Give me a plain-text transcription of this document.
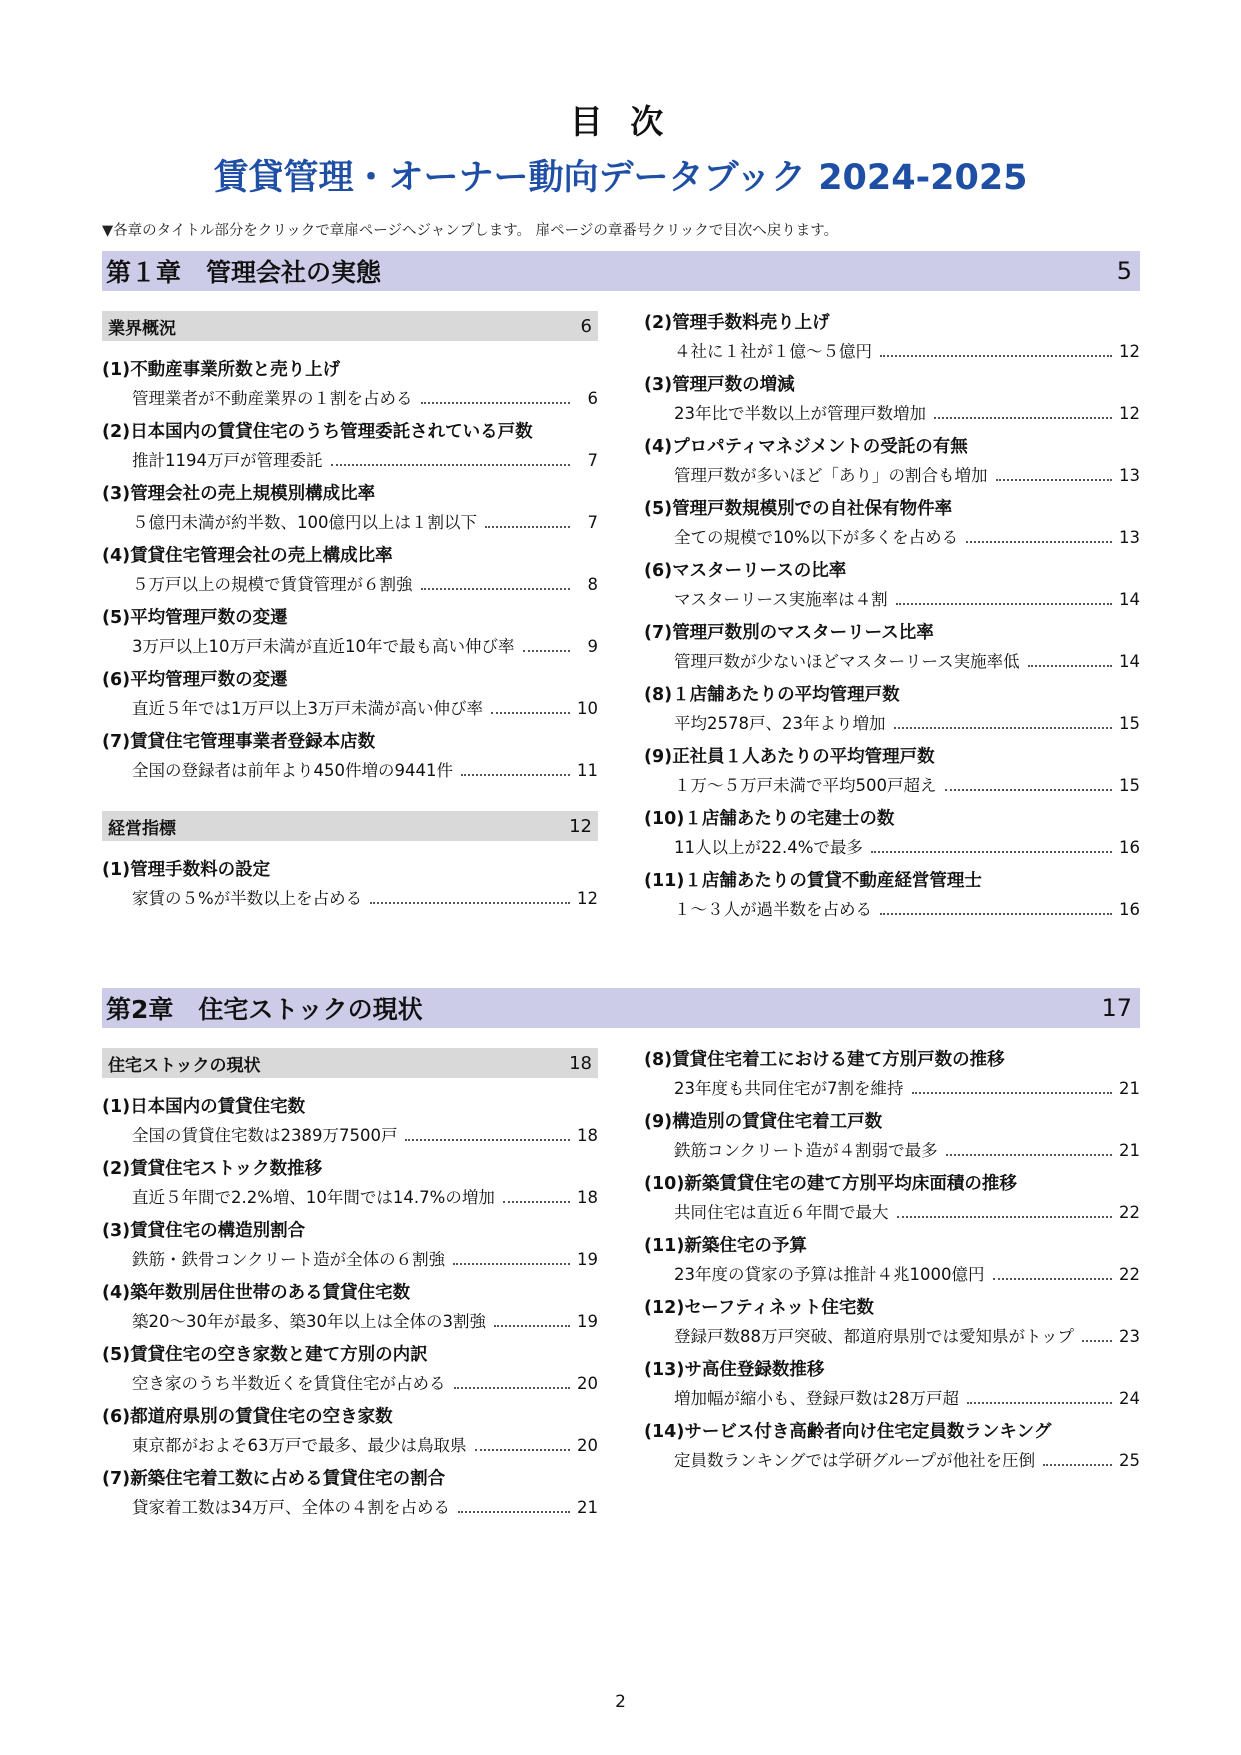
目 次
賃貸管理・オーナー動向データブック 2024-2025
▼各章のタイトル部分をクリックで章扉ページへジャンプします。 扉ページの章番号クリックで目次へ戻ります。
第１章　管理会社の実態	5
業界概況	6
(1)不動産事業所数と売り上げ
管理業者が不動産業界の１割を占める	6
(2)日本国内の賃貸住宅のうち管理委託されている戸数
推計1194万戸が管理委託	7
(3)管理会社の売上規模別構成比率
５億円未満が約半数、100億円以上は１割以下	7
(4)賃貸住宅管理会社の売上構成比率
５万戸以上の規模で賃貸管理が６割強	8
(5)平均管理戸数の変遷
3万戸以上10万戸未満が直近10年で最も高い伸び率	9
(6)平均管理戸数の変遷
直近５年では1万戸以上3万戸未満が高い伸び率	10
(7)賃貸住宅管理事業者登録本店数
全国の登録者は前年より450件増の9441件	11
経営指標	12
(1)管理手数料の設定
家賃の５%が半数以上を占める	12
(2)管理手数料売り上げ
４社に１社が１億～５億円	12
(3)管理戸数の増減
23年比で半数以上が管理戸数増加	12
(4)プロパティマネジメントの受託の有無
管理戸数が多いほど「あり」の割合も増加	13
(5)管理戸数規模別での自社保有物件率
全ての規模で10%以下が多くを占める	13
(6)マスターリースの比率
マスターリース実施率は４割	14
(7)管理戸数別のマスターリース比率
管理戸数が少ないほどマスターリース実施率低	14
(8)１店舗あたりの平均管理戸数
平均2578戸、23年より増加	15
(9)正社員１人あたりの平均管理戸数
１万～５万戸未満で平均500戸超え	15
(10)１店舗あたりの宅建士の数
11人以上が22.4%で最多	16
(11)１店舗あたりの賃貸不動産経営管理士
１～３人が過半数を占める	16
第2章　住宅ストックの現状	17
住宅ストックの現状	18
(1)日本国内の賃貸住宅数
全国の賃貸住宅数は2389万7500戸	18
(2)賃貸住宅ストック数推移
直近５年間で2.2%増、10年間では14.7%の増加	18
(3)賃貸住宅の構造別割合
鉄筋・鉄骨コンクリート造が全体の６割強	19
(4)築年数別居住世帯のある賃貸住宅数
築20～30年が最多、築30年以上は全体の3割強	19
(5)賃貸住宅の空き家数と建て方別の内訳
空き家のうち半数近くを賃貸住宅が占める	20
(6)都道府県別の賃貸住宅の空き家数
東京都がおよそ63万戸で最多、最少は鳥取県	20
(7)新築住宅着工数に占める賃貸住宅の割合
貸家着工数は34万戸、全体の４割を占める	21
(8)賃貸住宅着工における建て方別戸数の推移
23年度も共同住宅が7割を維持	21
(9)構造別の賃貸住宅着工戸数
鉄筋コンクリート造が４割弱で最多	21
(10)新築賃貸住宅の建て方別平均床面積の推移
共同住宅は直近６年間で最大	22
(11)新築住宅の予算
23年度の貸家の予算は推計４兆1000億円	22
(12)セーフティネット住宅数
登録戸数88万戸突破、都道府県別では愛知県がトップ	23
(13)サ高住登録数推移
増加幅が縮小も、登録戸数は28万戸超	24
(14)サービス付き高齢者向け住宅定員数ランキング
定員数ランキングでは学研グループが他社を圧倒	25
2
